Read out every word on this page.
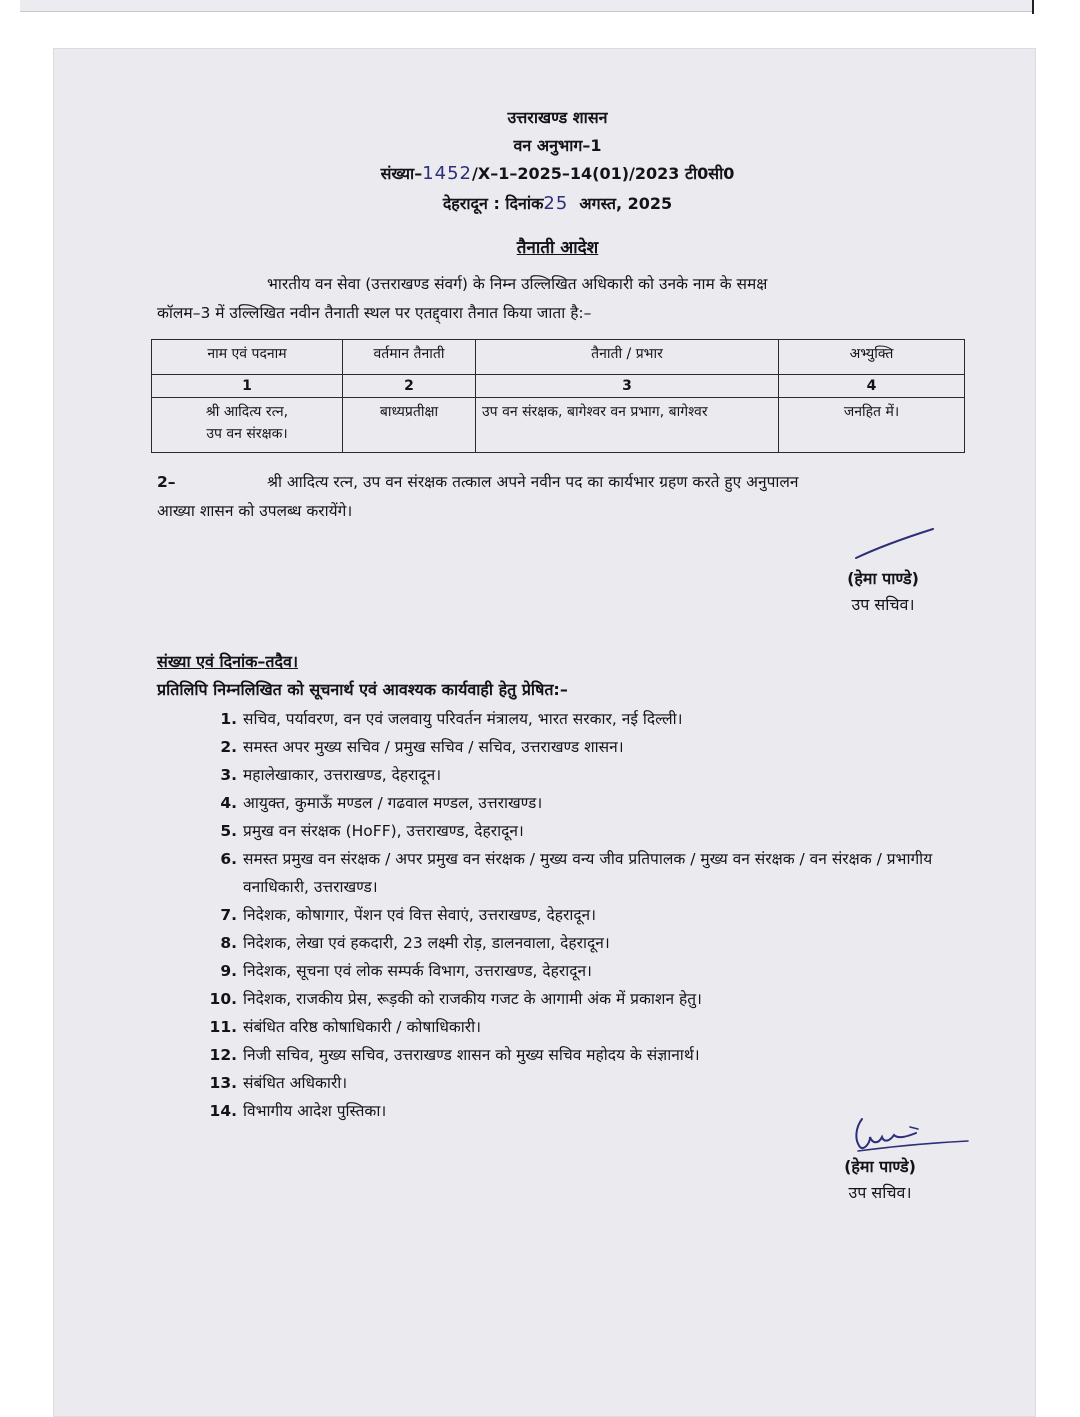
उत्तराखण्ड शासन
वन अनुभाग–1
संख्या–1452/X–1–2025–14(01)/2023 टी0सी0
देहरादून : दिनांक25 अगस्त, 2025
तैनाती आदेश
भारतीय वन सेवा (उत्तराखण्ड संवर्ग) के निम्न उल्लिखित अधिकारी को उनके नाम के समक्ष
कॉलम–3 में उल्लिखित नवीन तैनाती स्थल पर एतद्द्वारा तैनात किया जाता है:–
नाम एवं पदनाम	वर्तमान तैनाती	तैनाती / प्रभार	अभ्युक्ति
1	2	3	4

श्री आदित्य रत्न,
उप वन संरक्षक।	बाध्यप्रतीक्षा	उप वन संरक्षक, बागेश्वर वन प्रभाग, बागेश्वर	जनहित में।
2–	श्री आदित्य रत्न, उप वन संरक्षक तत्काल अपने नवीन पद का कार्यभार ग्रहण करते हुए अनुपालन
आख्या शासन को उपलब्ध करायेंगे।
(हेमा पाण्डे)
उप सचिव।
संख्या एवं दिनांक–तदैव।
प्रतिलिपि निम्नलिखित को सूचनार्थ एवं आवश्यक कार्यवाही हेतु प्रेषित:–
1. सचिव, पर्यावरण, वन एवं जलवायु परिवर्तन मंत्रालय, भारत सरकार, नई दिल्ली।
2. समस्त अपर मुख्य सचिव / प्रमुख सचिव / सचिव, उत्तराखण्ड शासन।
3. महालेखाकार, उत्तराखण्ड, देहरादून।
4. आयुक्त, कुमाऊँ मण्डल / गढवाल मण्डल, उत्तराखण्ड।
5. प्रमुख वन संरक्षक (HoFF), उत्तराखण्ड, देहरादून।
6. समस्त प्रमुख वन संरक्षक / अपर प्रमुख वन संरक्षक / मुख्य वन्य जीव प्रतिपालक / मुख्य वन संरक्षक / वन संरक्षक / प्रभागीय वनाधिकारी, उत्तराखण्ड।
7. निदेशक, कोषागार, पेंशन एवं वित्त सेवाएं, उत्तराखण्ड, देहरादून।
8. निदेशक, लेखा एवं हकदारी, 23 लक्ष्मी रोड़, डालनवाला, देहरादून।
9. निदेशक, सूचना एवं लोक सम्पर्क विभाग, उत्तराखण्ड, देहरादून।
10. निदेशक, राजकीय प्रेस, रूड़की को राजकीय गजट के आगामी अंक में प्रकाशन हेतु।
11. संबंधित वरिष्ठ कोषाधिकारी / कोषाधिकारी।
12. निजी सचिव, मुख्य सचिव, उत्तराखण्ड शासन को मुख्य सचिव महोदय के संज्ञानार्थ।
13. संबंधित अधिकारी।
14. विभागीय आदेश पुस्तिका।
(हेमा पाण्डे)
उप सचिव।
